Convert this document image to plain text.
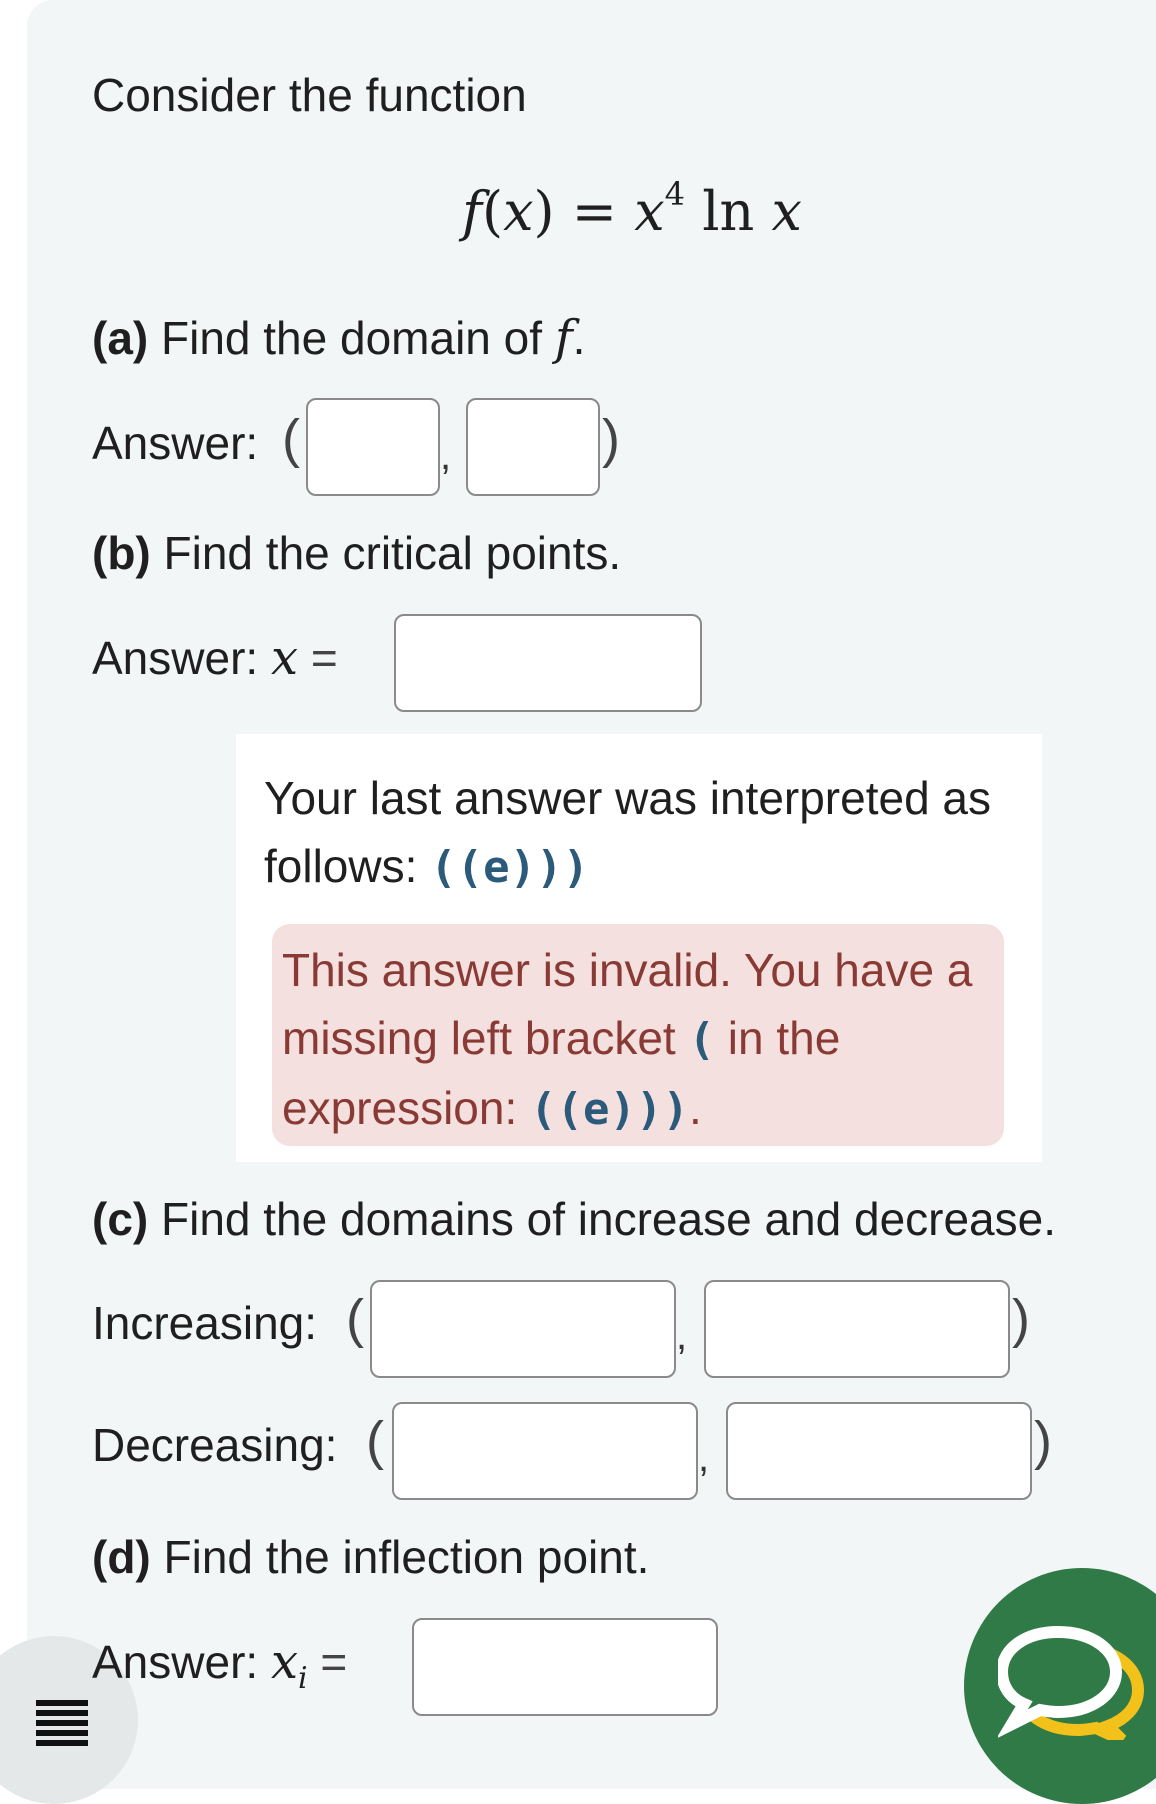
Consider the function
$f(x) = x^4$ ln x
(a) Find the domain of f.
Answer: (	,	)
(b) Find the critical points.
Answer: x =
Your last answer was interpreted as follows: ((e)))
This answer is invalid. You have a missing left bracket ( in the expression: ((e))).
(c) Find the domains of increase and decrease.
Increasing: (	,	)
Decreasing: (	,	)
(d) Find the inflection point.
Answer: $x_i$ =
